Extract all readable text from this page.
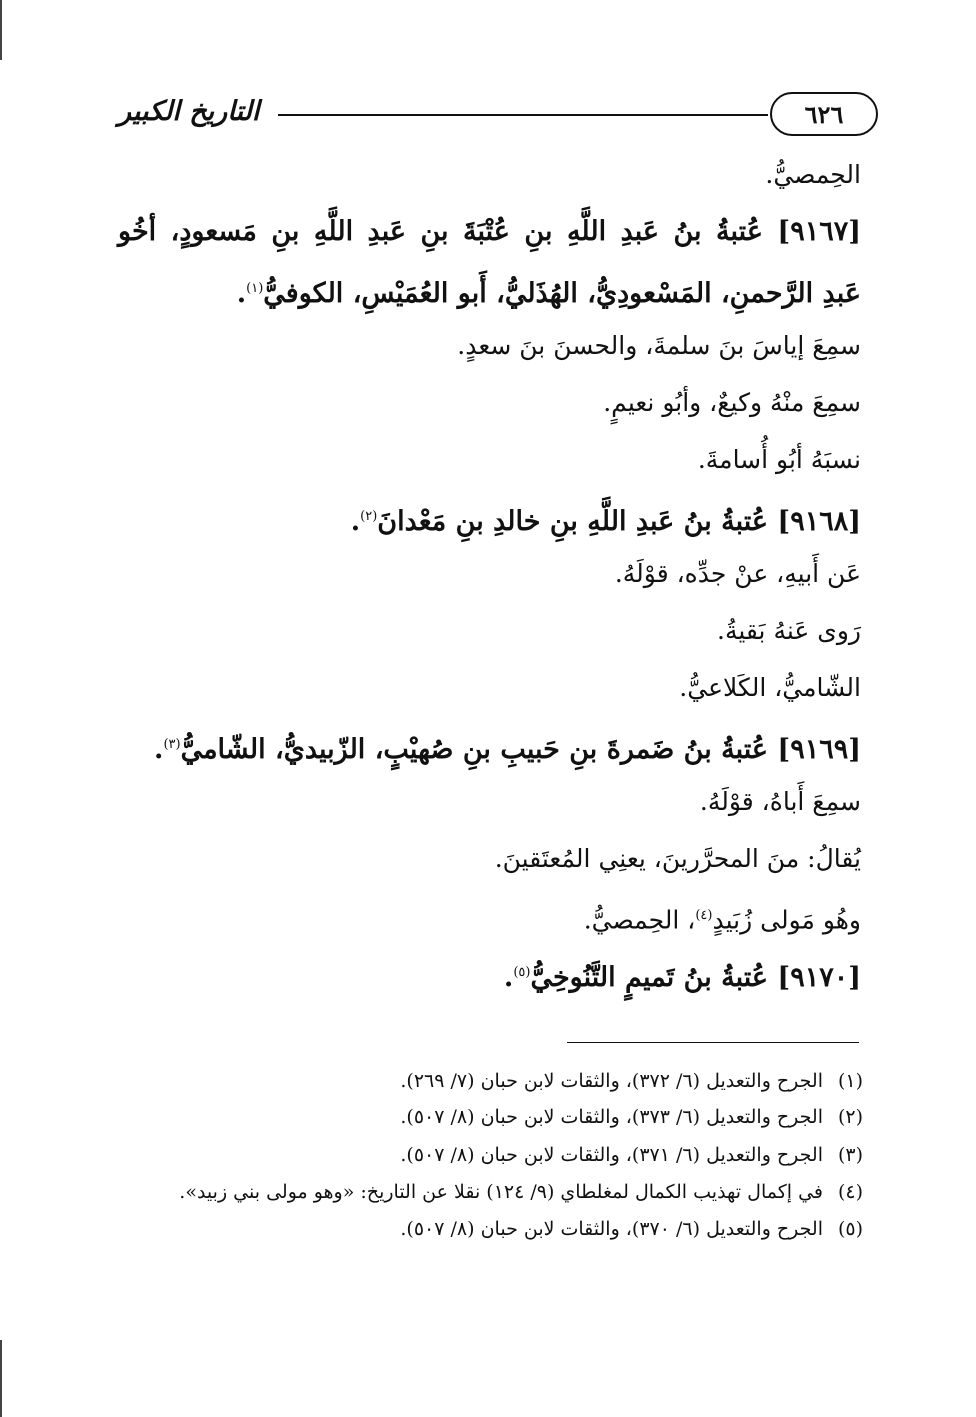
التاريخ الكبير	٦٢٦
الحِمصيُّ.
[٩١٦٧] عُتبةُ بنُ عَبدِ اللَّهِ بنِ عُتْبَةَ بنِ عَبدِ اللَّهِ بنِ مَسعودٍ، أخُو
عَبدِ الرَّحمنِ، المَسْعودِيُّ، الهُذَليُّ، أَبو العُمَيْسِ، الكوفيُّ$^{(١)}$.
سمِعَ إياسَ بنَ سلمةَ، والحسنَ بنَ سعدٍ.
سمِعَ منْهُ وكيعٌ، وأبُو نعيمٍ.
نسبَهُ أبُو أُسامةَ.
[٩١٦٨] عُتبةُ بنُ عَبدِ اللَّهِ بنِ خالدِ بنِ مَعْدانَ$^{(٢)}$.
عَن أَبيهِ، عنْ جدِّه، قوْلَهُ.
رَوى عَنهُ بَقيةُ.
الشّاميُّ، الكَلاعيُّ.
[٩١٦٩] عُتبةُ بنُ ضَمرةَ بنِ حَبيبِ بنِ صُهيْبٍ، الزّبيديُّ، الشّاميُّ$^{(٣)}$.
سمِعَ أَباهُ، قوْلَهُ.
يُقالُ: منَ المحرَّرينَ، يعنِي المُعتَقينَ.
وهُو مَولى زُبَيدٍ$^{(٤)}$، الحِمصيُّ.
[٩١٧٠] عُتبةُ بنُ تَميمٍ التَّنُوخِيُّ$^{(٥)}$.
(١)الجرح والتعديل (٦/ ٣٧٢)، والثقات لابن حبان (٧/ ٢٦٩).
(٢)الجرح والتعديل (٦/ ٣٧٣)، والثقات لابن حبان (٨/ ٥٠٧).
(٣)الجرح والتعديل (٦/ ٣٧١)، والثقات لابن حبان (٨/ ٥٠٧).
(٤)في إكمال تهذيب الكمال لمغلطاي (٩/ ١٢٤) نقلا عن التاريخ: «وهو مولى بني زبيد».
(٥)الجرح والتعديل (٦/ ٣٧٠)، والثقات لابن حبان (٨/ ٥٠٧).
